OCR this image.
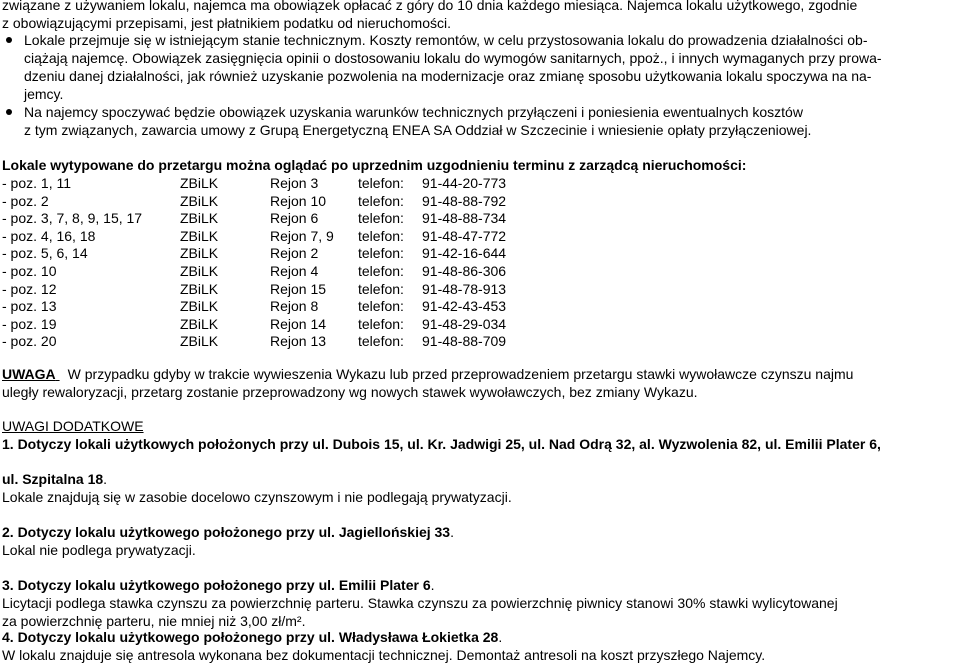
związane z używaniem lokalu, najemca ma obowiązek opłacać z góry do 10 dnia każdego miesiąca. Najemca lokalu użytkowego, zgodnie
z obowiązującymi przepisami, jest płatnikiem podatku od nieruchomości.
Lokale przejmuje się w istniejącym stanie technicznym. Koszty remontów, w celu przystosowania lokalu do prowadzenia działalności ob-
ciążają najemcę. Obowiązek zasięgnięcia opinii o dostosowaniu lokalu do wymogów sanitarnych, ppoż., i innych wymaganych przy prowa-
dzeniu danej działalności, jak również uzyskanie pozwolenia na modernizacje oraz zmianę sposobu użytkowania lokalu spoczywa na na-
jemcy.
Na najemcy spoczywać będzie obowiązek uzyskania warunków technicznych przyłączeni i poniesienia ewentualnych kosztów
z tym związanych, zawarcia umowy z Grupą Energetyczną ENEA SA Oddział w Szczecinie i wniesienie opłaty przyłączeniowej.
Lokale wytypowane do przetargu można oglądać po uprzednim uzgodnieniu terminu z zarządcą nieruchomości:
- poz. 1, 11	ZBiLK	Rejon 3	telefon: 91-44-20-773
- poz. 2	ZBiLK	Rejon 10 telefon: 91-48-88-792
- poz. 3, 7, 8, 9, 15, 17	ZBiLK	Rejon 6	telefon: 91-48-88-734
- poz. 4, 16, 18	ZBiLK	Rejon 7, 9 telefon: 91-48-47-772
- poz. 5, 6, 14	ZBiLK	Rejon 2	telefon: 91-42-16-644
- poz. 10	ZBiLK	Rejon 4	telefon: 91-48-86-306
- poz. 12	ZBiLK	Rejon 15 telefon: 91-48-78-913
- poz. 13	ZBiLK	Rejon 8	telefon: 91-42-43-453
- poz. 19	ZBiLK	Rejon 14 telefon: 91-48-29-034
- poz. 20	ZBiLK	Rejon 13 telefon: 91-48-88-709
UWAGA W przypadku gdyby w trakcie wywieszenia Wykazu lub przed przeprowadzeniem przetargu stawki wywoławcze czynszu najmu
uległy rewaloryzacji, przetarg zostanie przeprowadzony wg nowych stawek wywoławczych, bez zmiany Wykazu.
UWAGI DODATKOWE
1. Dotyczy lokali użytkowych położonych przy ul. Dubois 15, ul. Kr. Jadwigi 25, ul. Nad Odrą 32, al. Wyzwolenia 82, ul. Emilii Plater 6,
ul. Szpitalna 18.
Lokale znajdują się w zasobie docelowo czynszowym i nie podlegają prywatyzacji.
2. Dotyczy lokalu użytkowego położonego przy ul. Jagiellońskiej 33.
Lokal nie podlega prywatyzacji.
3. Dotyczy lokalu użytkowego położonego przy ul. Emilii Plater 6.
Licytacji podlega stawka czynszu za powierzchnię parteru. Stawka czynszu za powierzchnię piwnicy stanowi 30% stawki wylicytowanej
za powierzchnię parteru, nie mniej niż 3,00 zł/m².
4. Dotyczy lokalu użytkowego położonego przy ul. Władysława Łokietka 28.
W lokalu znajduje się antresola wykonana bez dokumentacji technicznej. Demontaż antresoli na koszt przyszłego Najemcy.
